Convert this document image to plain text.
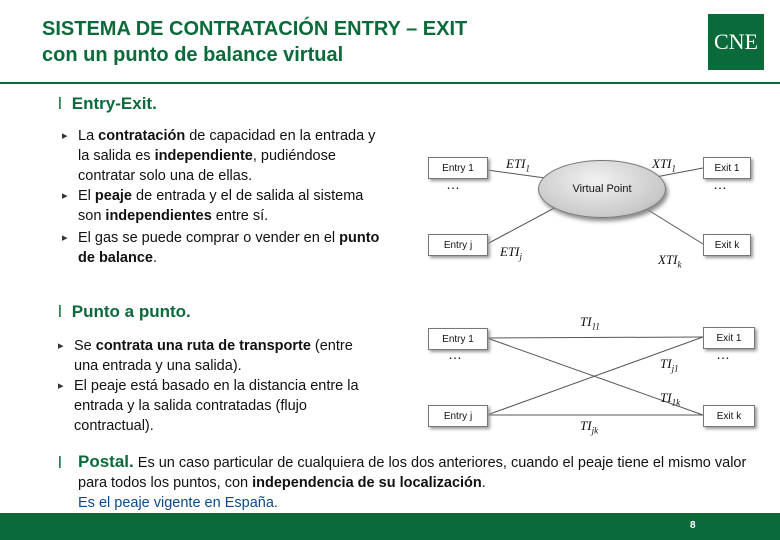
SISTEMA DE CONTRATACIÓN ENTRY – EXIT
con un punto de balance virtual
CNE
l Entry-Exit.
▸ La contratación de capacidad en la entrada y la salida es independiente, pudiéndose contratar solo una de ellas.
▸ El peaje de entrada y el de salida al sistema son independientes entre sí.
▸ El gas se puede comprar o vender en el punto de balance.
Entry 1
…
Entry j
Exit 1
…
Exit k
Virtual Point
$ETI_1$
$ETI_j$
$XTI_1$
$XTI_k$
l Punto a punto.
▸ Se contrata una ruta de transporte (entre una entrada y una salida).
▸ El peaje está basado en la distancia entre la entrada y la salida contratadas (flujo contractual).
Entry 1
…
Entry j
Exit 1
…
Exit k
$TI_{11}$
$TI_{j1}$
$TI_{1k}$
$TI_{jk}$
l Postal. Es un caso particular de cualquiera de los dos anteriores, cuando el peaje tiene el mismo valor para todos los puntos, con independencia de su localización.
Es el peaje vigente en España.
8
